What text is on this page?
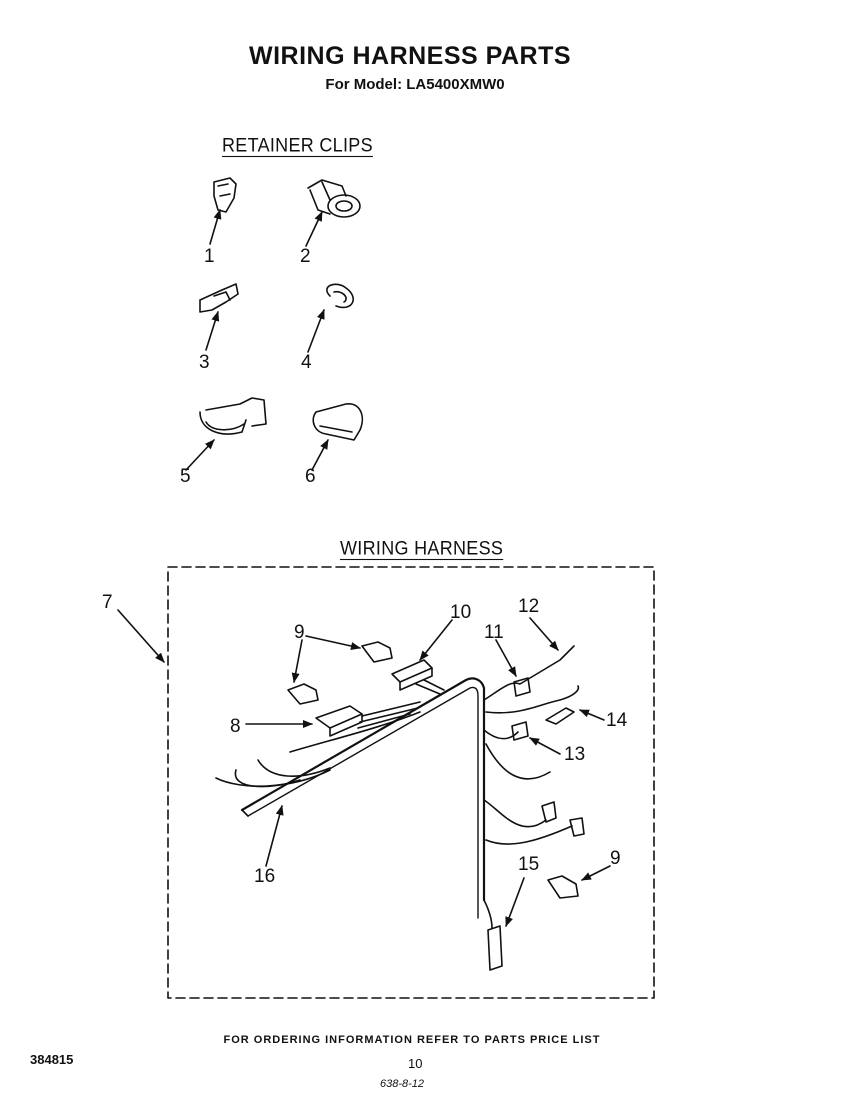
WIRING HARNESS PARTS
For Model: LA5400XMW0
RETAINER CLIPS
WIRING HARNESS
1	2
3	4
5	6
7
8
9
10
11
12
13
14
15
16
9
FOR ORDERING INFORMATION REFER TO PARTS PRICE LIST
384815	10
638-8-12
